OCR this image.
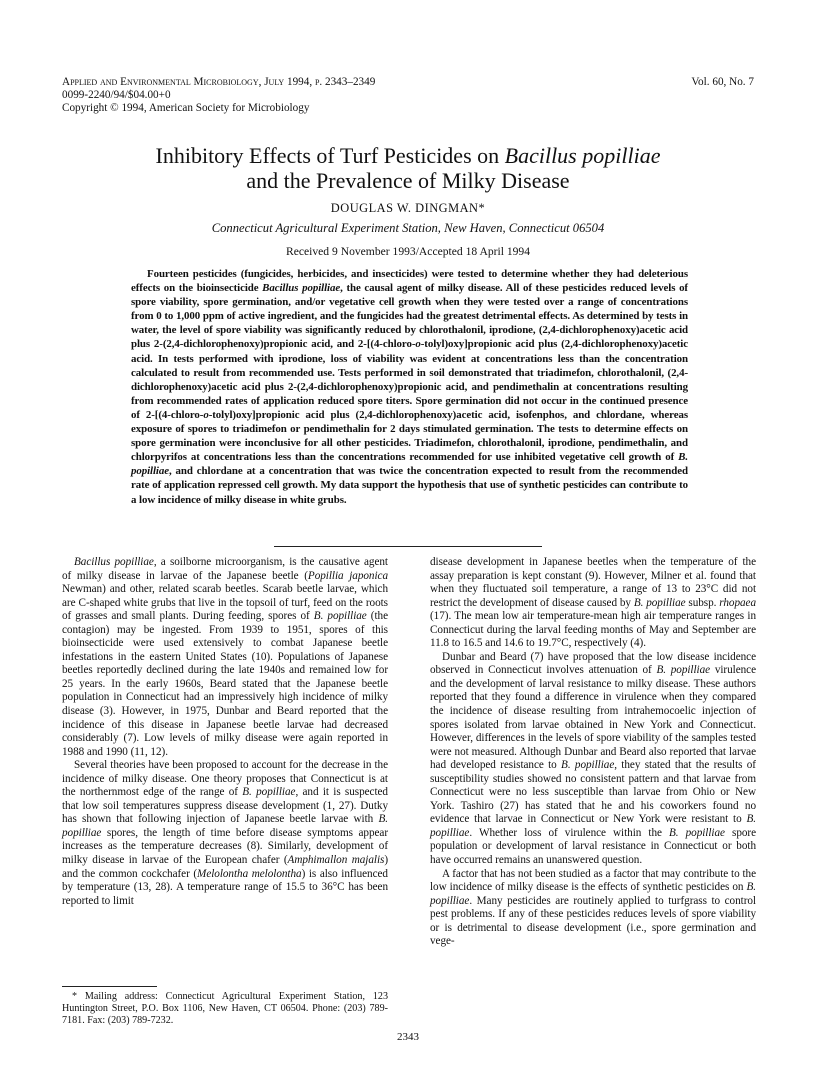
Applied and Environmental Microbiology, July 1994, p. 2343–2349
0099-2240/94/$04.00+0
Copyright © 1994, American Society for Microbiology
Vol. 60, No. 7
Inhibitory Effects of Turf Pesticides on Bacillus popilliae
and the Prevalence of Milky Disease
DOUGLAS W. DINGMAN*
Connecticut Agricultural Experiment Station, New Haven, Connecticut 06504
Received 9 November 1993/Accepted 18 April 1994

Fourteen pesticides (fungicides, herbicides, and insecticides) were tested to determine whether they had deleterious effects on the bioinsecticide Bacillus popilliae, the causal agent of milky disease. All of these pesticides reduced levels of spore viability, spore germination, and/or vegetative cell growth when they were tested over a range of concentrations from 0 to 1,000 ppm of active ingredient, and the fungicides had the greatest detrimental effects. As determined by tests in water, the level of spore viability was significantly reduced by chlorothalonil, iprodione, (2,4-dichlorophenoxy)acetic acid plus 2-(2,4-dichlorophenoxy)propionic acid, and 2-[(4-chloro-o-tolyl)oxy]propionic acid plus (2,4-dichlorophenoxy)acetic acid. In tests performed with iprodione, loss of viability was evident at concentrations less than the concentration calculated to result from recommended use. Tests performed in soil demonstrated that triadimefon, chlorothalonil, (2,4-dichlorophenoxy)acetic acid plus 2-(2,4-dichlorophenoxy)propionic acid, and pendimethalin at concentrations resulting from recommended rates of application reduced spore titers. Spore germination did not occur in the continued presence of 2-[(4-chloro-o-tolyl)oxy]propionic acid plus (2,4-dichlorophenoxy)acetic acid, isofenphos, and chlordane, whereas exposure of spores to triadimefon or pendimethalin for 2 days stimulated germination. The tests to determine effects on spore germination were inconclusive for all other pesticides. Triadimefon, chlorothalonil, iprodione, pendimethalin, and chlorpyrifos at concentrations less than the concentrations recommended for use inhibited vegetative cell growth of B. popilliae, and chlordane at a concentration that was twice the concentration expected to result from the recommended rate of application repressed cell growth. My data support the hypothesis that use of synthetic pesticides can contribute to a low incidence of milky disease in white grubs.

Bacillus popilliae, a soilborne microorganism, is the causative agent of milky disease in larvae of the Japanese beetle (Popillia japonica Newman) and other, related scarab beetles. Scarab beetle larvae, which are C-shaped white grubs that live in the topsoil of turf, feed on the roots of grasses and small plants. During feeding, spores of B. popilliae (the contagion) may be ingested. From 1939 to 1951, spores of this bioinsecticide were used extensively to combat Japanese beetle infestations in the eastern United States (10). Populations of Japanese beetles reportedly declined during the late 1940s and remained low for 25 years. In the early 1960s, Beard stated that the Japanese beetle population in Connecticut had an impressively high incidence of milky disease (3). However, in 1975, Dunbar and Beard reported that the incidence of this disease in Japanese beetle larvae had decreased considerably (7). Low levels of milky disease were again reported in 1988 and 1990 (11, 12).

Several theories have been proposed to account for the decrease in the incidence of milky disease. One theory proposes that Connecticut is at the northernmost edge of the range of B. popilliae, and it is suspected that low soil temperatures suppress disease development (1, 27). Dutky has shown that following injection of Japanese beetle larvae with B. popilliae spores, the length of time before disease symptoms appear increases as the temperature decreases (8). Similarly, development of milky disease in larvae of the European chafer (Amphimallon majalis) and the common cockchafer (Melolontha melolontha) is also influenced by temperature (13, 28). A temperature range of 15.5 to 36°C has been reported to limit

disease development in Japanese beetles when the temperature of the assay preparation is kept constant (9). However, Milner et al. found that when they fluctuated soil temperature, a range of 13 to 23°C did not restrict the development of disease caused by B. popilliae subsp. rhopaea (17). The mean low air temperature-mean high air temperature ranges in Connecticut during the larval feeding months of May and September are 11.8 to 16.5 and 14.6 to 19.7°C, respectively (4).

Dunbar and Beard (7) have proposed that the low disease incidence observed in Connecticut involves attenuation of B. popilliae virulence and the development of larval resistance to milky disease. These authors reported that they found a difference in virulence when they compared the incidence of disease resulting from intrahemocoelic injection of spores isolated from larvae obtained in New York and Connecticut. However, differences in the levels of spore viability of the samples tested were not measured. Although Dunbar and Beard also reported that larvae had developed resistance to B. popilliae, they stated that the results of susceptibility studies showed no consistent pattern and that larvae from Connecticut were no less susceptible than larvae from Ohio or New York. Tashiro (27) has stated that he and his coworkers found no evidence that larvae in Connecticut or New York were resistant to B. popilliae. Whether loss of virulence within the B. popilliae spore population or development of larval resistance in Connecticut or both have occurred remains an unanswered question.

A factor that has not been studied as a factor that may contribute to the low incidence of milky disease is the effects of synthetic pesticides on B. popilliae. Many pesticides are routinely applied to turfgrass to control pest problems. If any of these pesticides reduces levels of spore viability or is detrimental to disease development (i.e., spore germination and vege-

* Mailing address: Connecticut Agricultural Experiment Station, 123 Huntington Street, P.O. Box 1106, New Haven, CT 06504. Phone: (203) 789-7181. Fax: (203) 789-7232.

2343
